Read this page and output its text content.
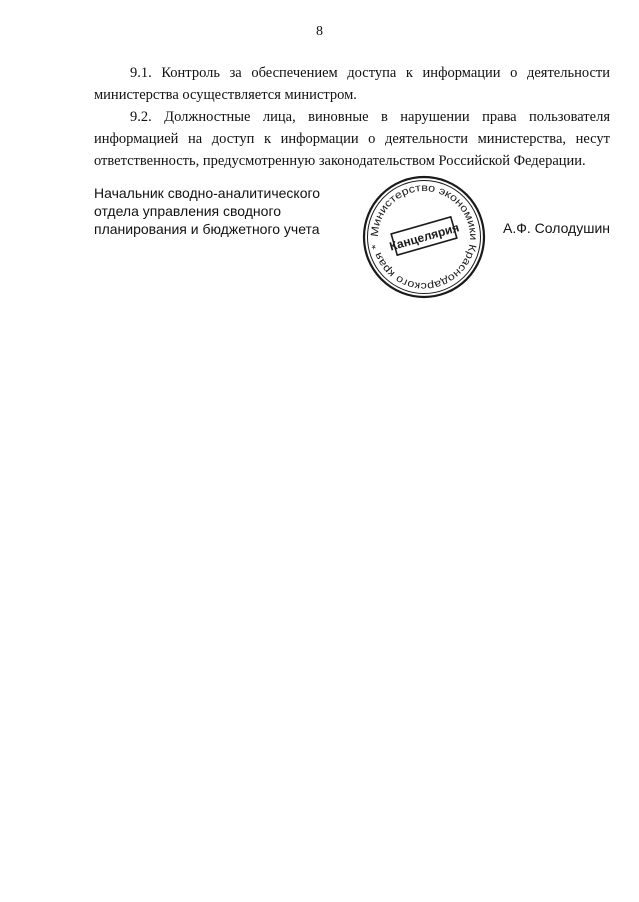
8

9.1. Контроль за обеспечением доступа к информации о деятельности министерства осуществляется министром.

9.2. Должностные лица, виновные в нарушении права пользователя информацией на доступ к информации о деятельности министерства, несут ответственность, предусмотренную законодательством Российской Федерации.

Начальник сводно-аналитического
отдела управления сводного
планирования и бюджетного учета	Министерство экономики Краснодарского края * Канцелярия	А.Ф. Солодушин
